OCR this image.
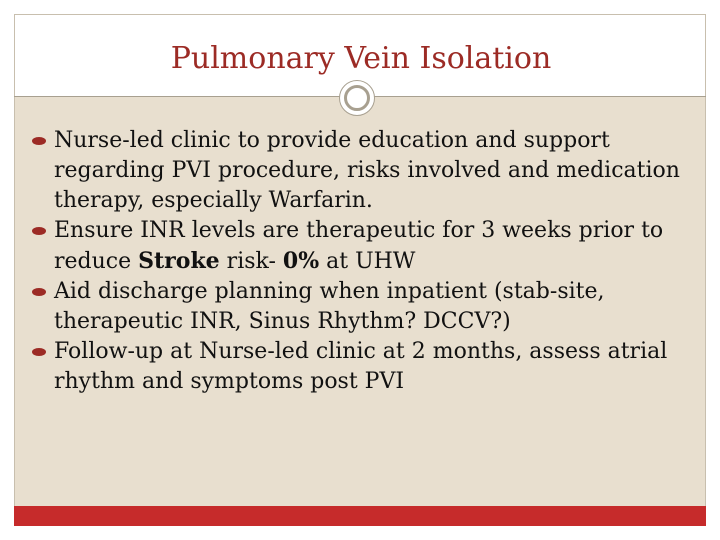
Pulmonary Vein Isolation
Nurse-led clinic to provide education and support regarding PVI procedure, risks involved and medication therapy, especially Warfarin.
Ensure INR levels are therapeutic for 3 weeks prior to reduce Stroke risk- 0% at UHW
Aid discharge planning when inpatient (stab-site, therapeutic INR, Sinus Rhythm? DCCV?)
Follow-up at Nurse-led clinic at 2 months, assess atrial rhythm and symptoms post PVI
